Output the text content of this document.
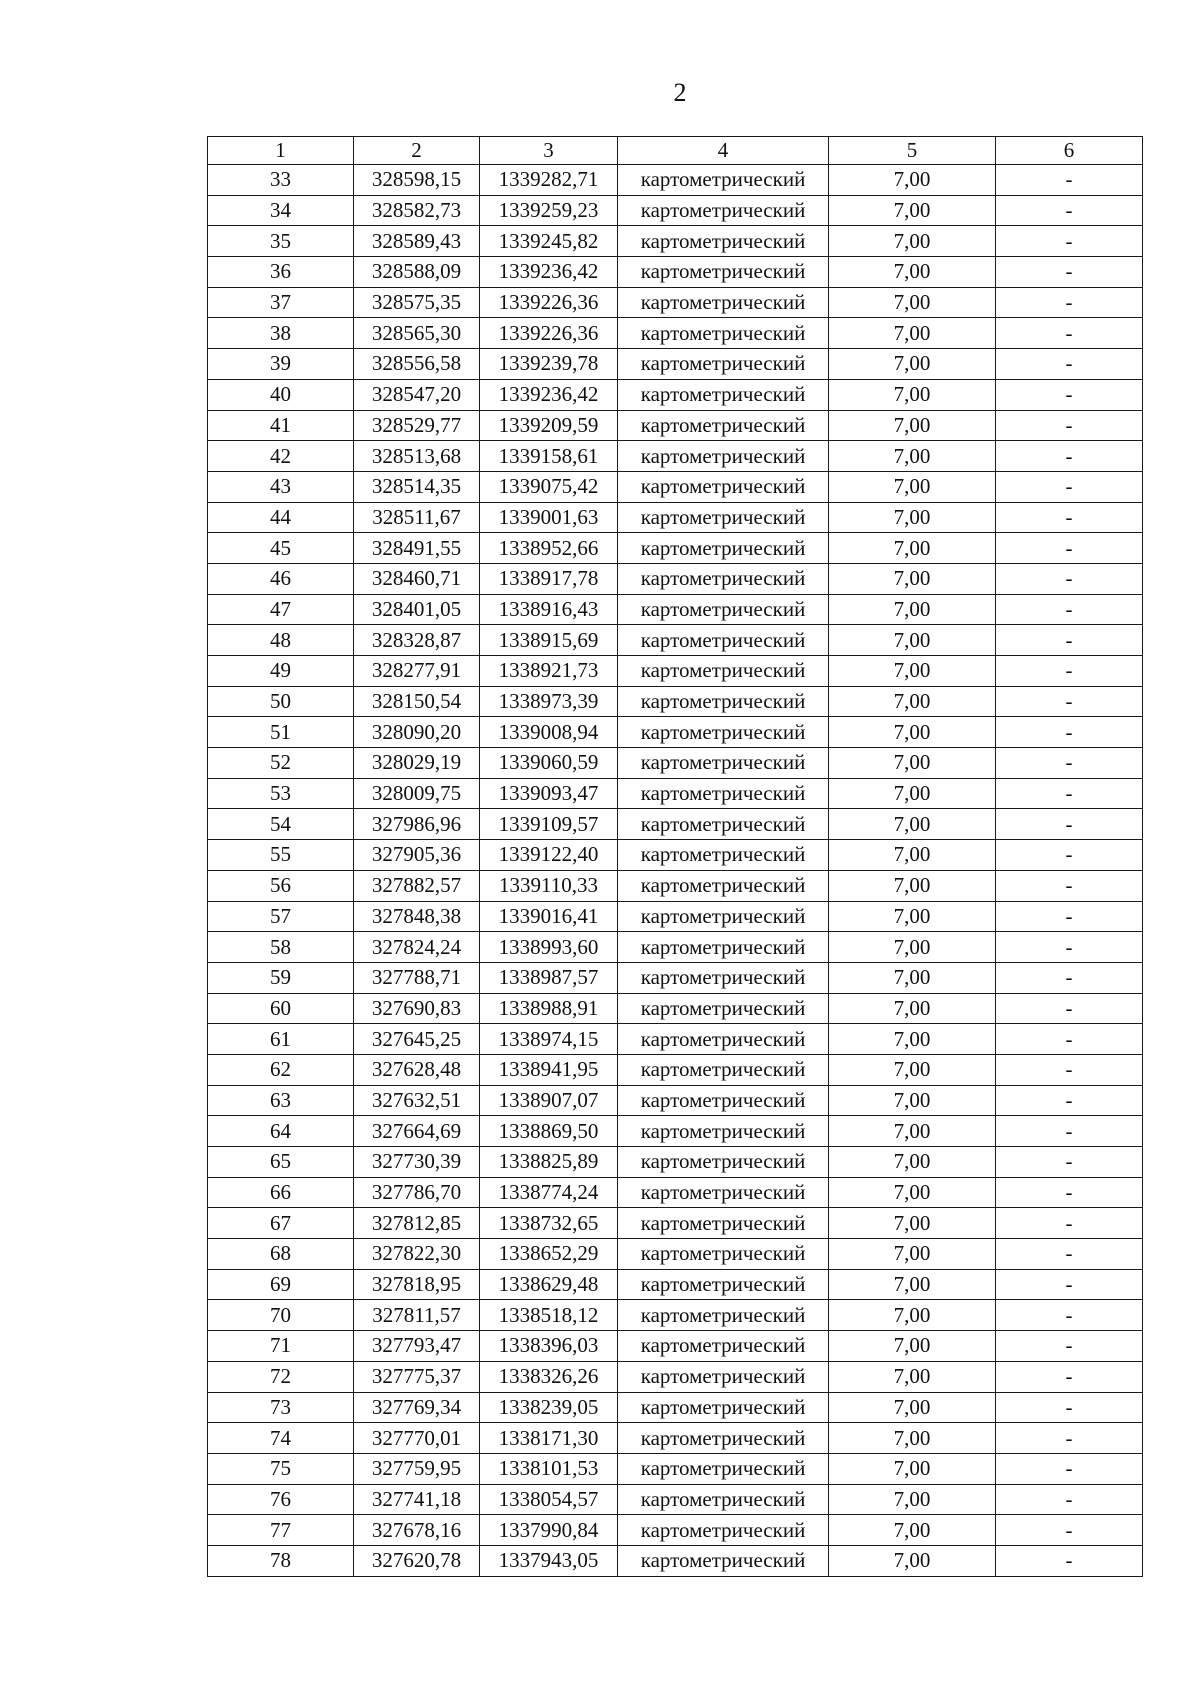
2
1	2	3	4	5	6
33	328598,15	1339282,71	картометрический	7,00	-
34	328582,73	1339259,23	картометрический	7,00	-
35	328589,43	1339245,82	картометрический	7,00	-
36	328588,09	1339236,42	картометрический	7,00	-
37	328575,35	1339226,36	картометрический	7,00	-
38	328565,30	1339226,36	картометрический	7,00	-
39	328556,58	1339239,78	картометрический	7,00	-
40	328547,20	1339236,42	картометрический	7,00	-
41	328529,77	1339209,59	картометрический	7,00	-
42	328513,68	1339158,61	картометрический	7,00	-
43	328514,35	1339075,42	картометрический	7,00	-
44	328511,67	1339001,63	картометрический	7,00	-
45	328491,55	1338952,66	картометрический	7,00	-
46	328460,71	1338917,78	картометрический	7,00	-
47	328401,05	1338916,43	картометрический	7,00	-
48	328328,87	1338915,69	картометрический	7,00	-
49	328277,91	1338921,73	картометрический	7,00	-
50	328150,54	1338973,39	картометрический	7,00	-
51	328090,20	1339008,94	картометрический	7,00	-
52	328029,19	1339060,59	картометрический	7,00	-
53	328009,75	1339093,47	картометрический	7,00	-
54	327986,96	1339109,57	картометрический	7,00	-
55	327905,36	1339122,40	картометрический	7,00	-
56	327882,57	1339110,33	картометрический	7,00	-
57	327848,38	1339016,41	картометрический	7,00	-
58	327824,24	1338993,60	картометрический	7,00	-
59	327788,71	1338987,57	картометрический	7,00	-
60	327690,83	1338988,91	картометрический	7,00	-
61	327645,25	1338974,15	картометрический	7,00	-
62	327628,48	1338941,95	картометрический	7,00	-
63	327632,51	1338907,07	картометрический	7,00	-
64	327664,69	1338869,50	картометрический	7,00	-
65	327730,39	1338825,89	картометрический	7,00	-
66	327786,70	1338774,24	картометрический	7,00	-
67	327812,85	1338732,65	картометрический	7,00	-
68	327822,30	1338652,29	картометрический	7,00	-
69	327818,95	1338629,48	картометрический	7,00	-
70	327811,57	1338518,12	картометрический	7,00	-
71	327793,47	1338396,03	картометрический	7,00	-
72	327775,37	1338326,26	картометрический	7,00	-
73	327769,34	1338239,05	картометрический	7,00	-
74	327770,01	1338171,30	картометрический	7,00	-
75	327759,95	1338101,53	картометрический	7,00	-
76	327741,18	1338054,57	картометрический	7,00	-
77	327678,16	1337990,84	картометрический	7,00	-
78	327620,78	1337943,05	картометрический	7,00	-
